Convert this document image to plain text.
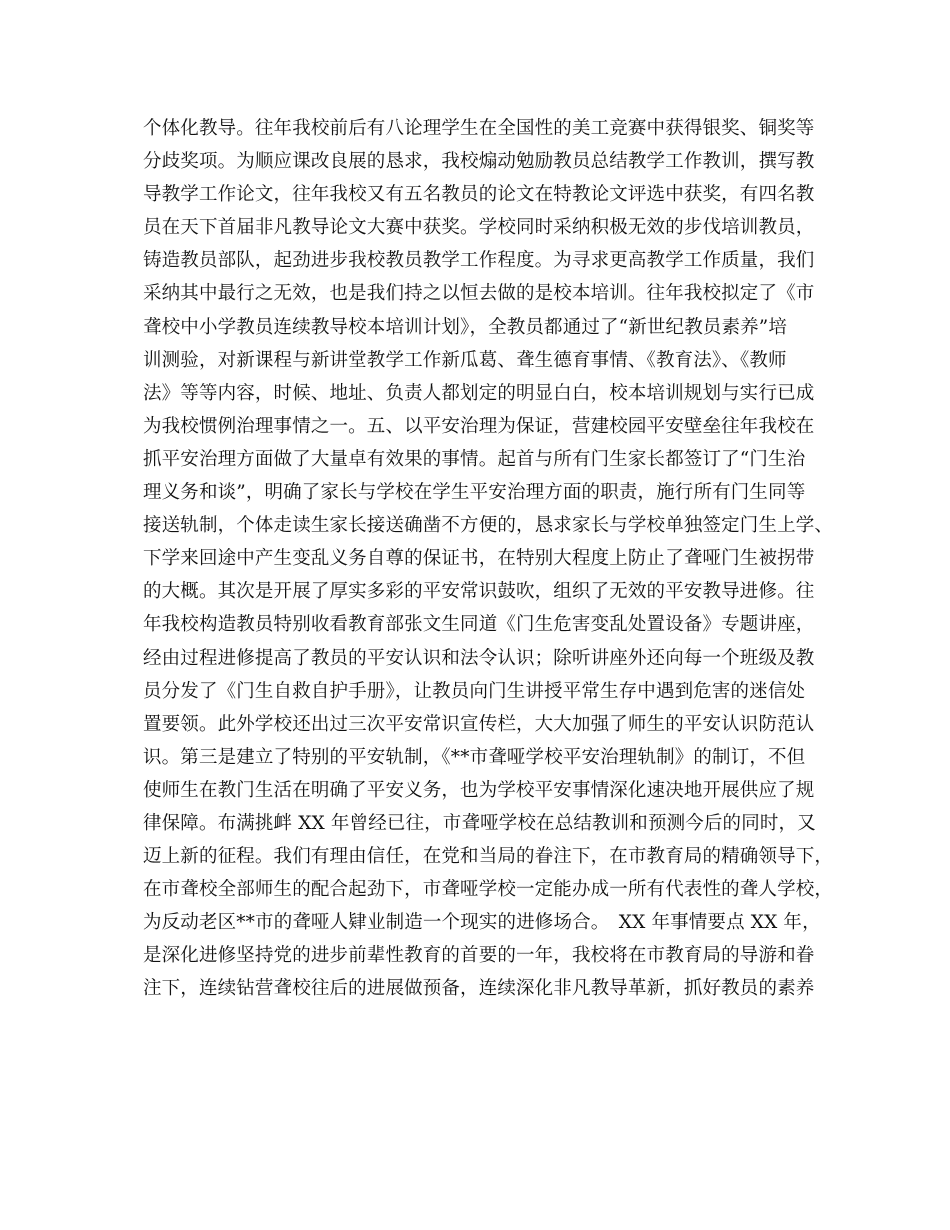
个体化教导。往年我校前后有八论理学生在全国性的美工竞赛中获得银奖、铜奖等
分歧奖项。为顺应课改良展的恳求，我校煽动勉励教员总结教学工作教训，撰写教
导教学工作论文，往年我校又有五名教员的论文在特教论文评选中获奖，有四名教
员在天下首届非凡教导论文大赛中获奖。学校同时采纳积极无效的步伐培训教员，
铸造教员部队，起劲进步我校教员教学工作程度。为寻求更高教学工作质量，我们
采纳其中最行之无效，也是我们持之以恒去做的是校本培训。往年我校拟定了《市
聋校中小学教员连续教导校本培训计划》，全教员都通过了“新世纪教员素养”培
训测验，对新课程与新讲堂教学工作新瓜葛、聋生德育事情、《教育法》、《教师
法》等等内容，时候、地址、负责人都划定的明显白白，校本培训规划与实行已成
为我校惯例治理事情之一。五、以平安治理为保证，营建校园平安壁垒往年我校在
抓平安治理方面做了大量卓有效果的事情。起首与所有门生家长都签订了“门生治
理义务和谈”，明确了家长与学校在学生平安治理方面的职责，施行所有门生同等
接送轨制，个体走读生家长接送确凿不方便的，恳求家长与学校单独签定门生上学、
下学来回途中产生变乱义务自尊的保证书，在特别大程度上防止了聋哑门生被拐带
的大概。其次是开展了厚实多彩的平安常识鼓吹，组织了无效的平安教导进修。往
年我校构造教员特别收看教育部张文生同道《门生危害变乱处置设备》专题讲座，
经由过程进修提高了教员的平安认识和法令认识；除听讲座外还向每一个班级及教
员分发了《门生自救自护手册》，让教员向门生讲授平常生存中遇到危害的迷信处
置要领。此外学校还出过三次平安常识宣传栏，大大加强了师生的平安认识防范认
识。第三是建立了特别的平安轨制，《**市聋哑学校平安治理轨制》的制订，不但
使师生在教门生活在明确了平安义务，也为学校平安事情深化速决地开展供应了规
律保障。布满挑衅 XX 年曾经已往，市聋哑学校在总结教训和预测今后的同时，又
迈上新的征程。我们有理由信任，在党和当局的眷注下，在市教育局的精确领导下，
在市聋校全部师生的配合起劲下，市聋哑学校一定能办成一所有代表性的聋人学校，
为反动老区**市的聋哑人肄业制造一个现实的进修场合。　XX 年事情要点 XX 年，
是深化进修坚持党的进步前辈性教育的首要的一年，我校将在市教育局的导游和眷
注下，连续钻营聋校往后的进展做预备，连续深化非凡教导革新，抓好教员的素养
